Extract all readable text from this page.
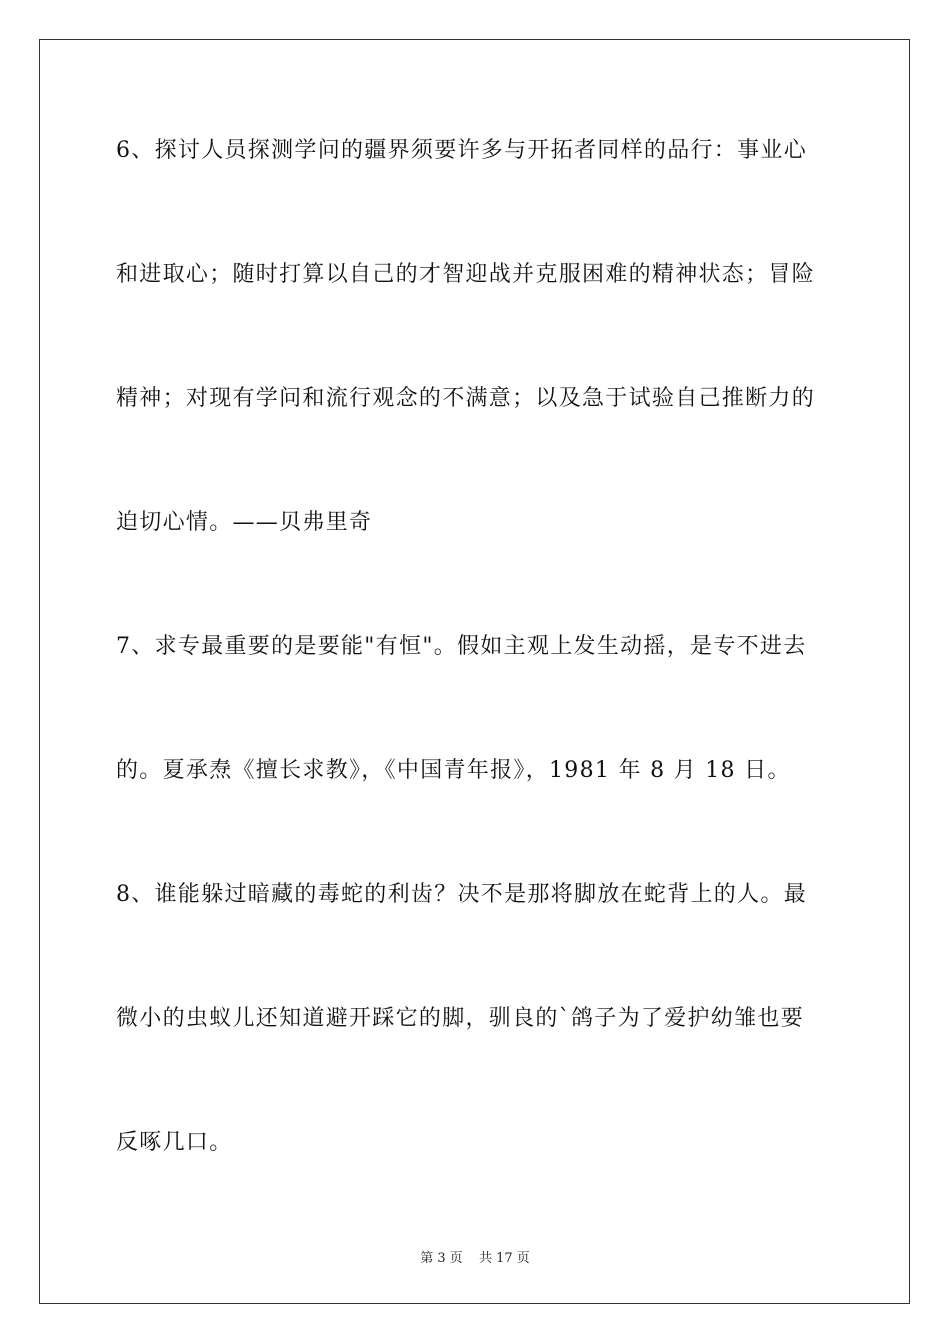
6、探讨人员探测学问的疆界须要许多与开拓者同样的品行：事业心
和进取心；随时打算以自己的才智迎战并克服困难的精神状态；冒险
精神；对现有学问和流行观念的不满意；以及急于试验自己推断力的
迫切心情。——贝弗里奇
7、求专最重要的是要能"有恒"。假如主观上发生动摇，是专不进去
的。夏承焘《擅长求教》，《中国青年报》，1981 年 8 月 18 日。
8、谁能躲过暗藏的毒蛇的利齿？决不是那将脚放在蛇背上的人。最
微小的虫蚁儿还知道避开踩它的脚，驯良的`鸽子为了爱护幼雏也要
反啄几口。
第 3 页 共 17 页
